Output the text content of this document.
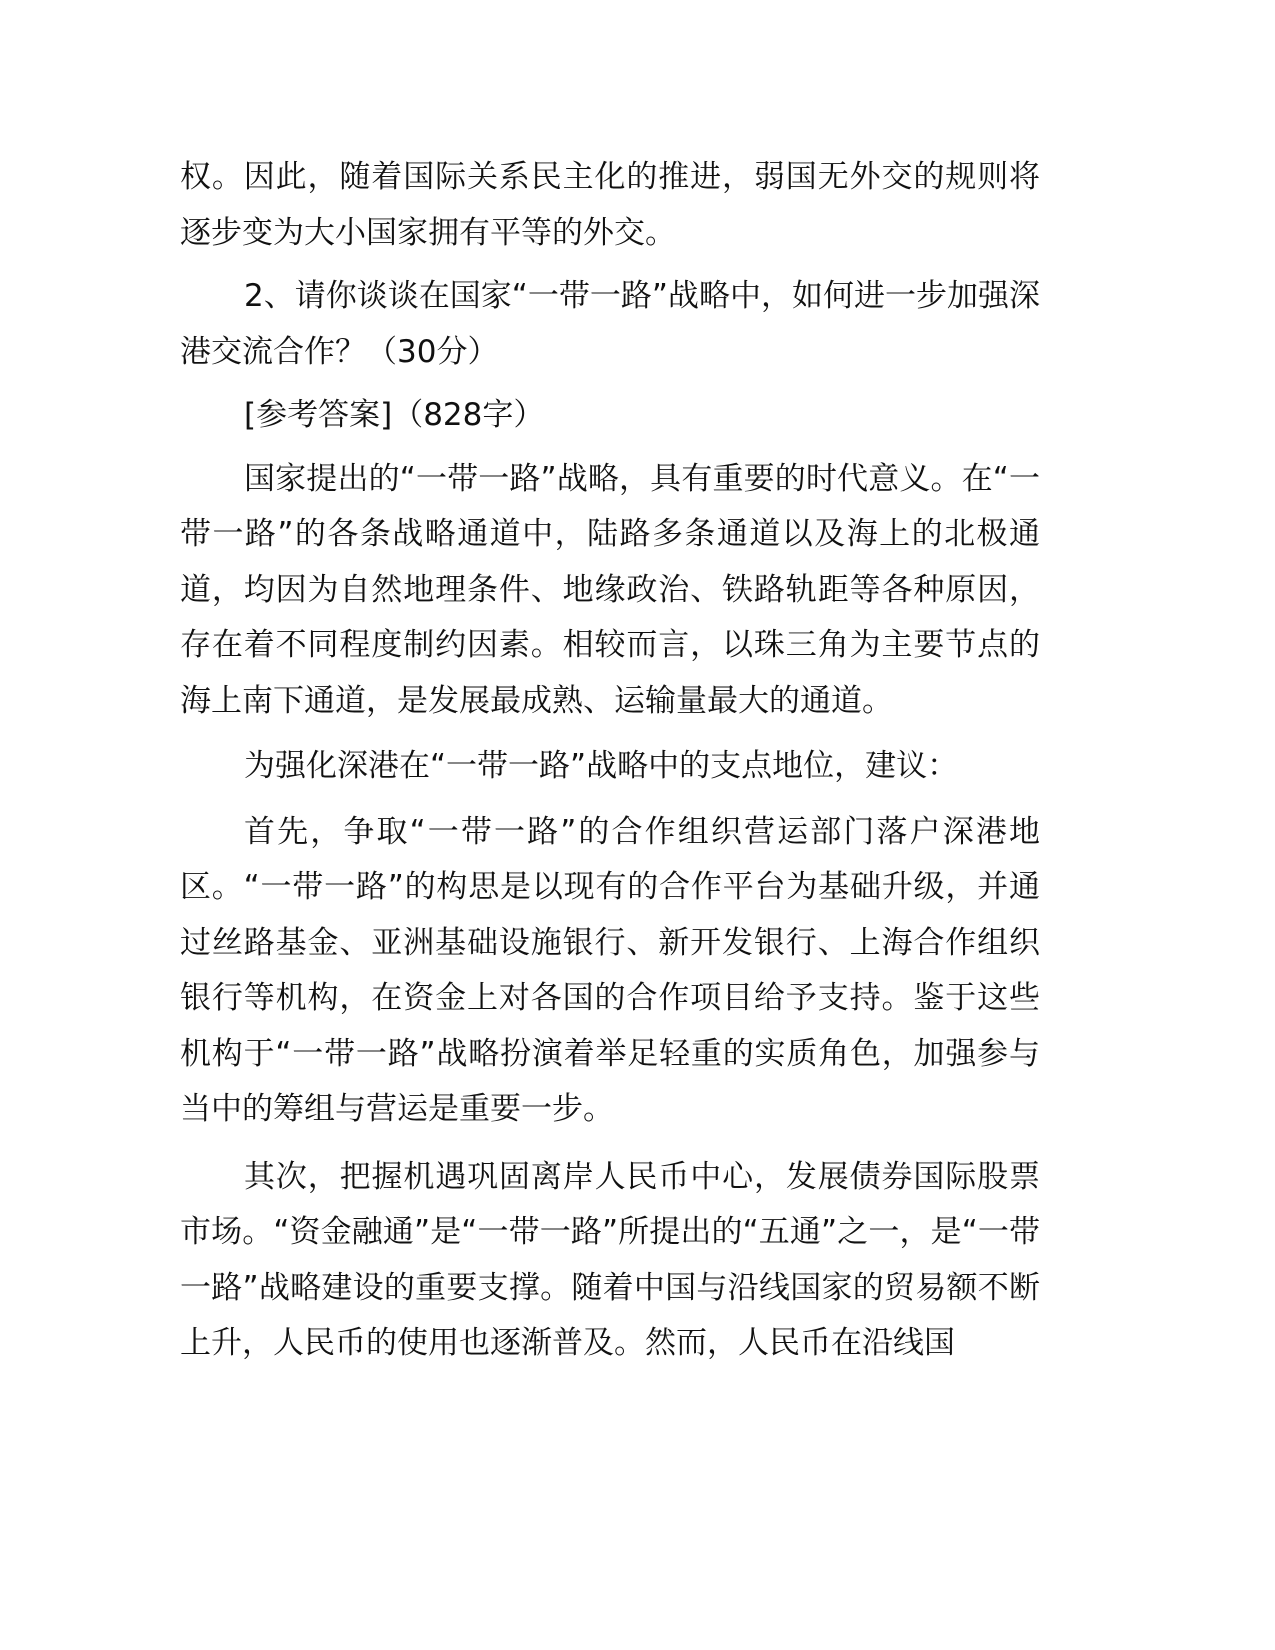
权。因此，随着国际关系民主化的推进，弱国无外交的规则将逐步变为大小国家拥有平等的外交。

2、请你谈谈在国家“一带一路”战略中，如何进一步加强深港交流合作？（30分）

[参考答案]（828字）

国家提出的“一带一路”战略，具有重要的时代意义。在“一带一路”的各条战略通道中，陆路多条通道以及海上的北极通道，均因为自然地理条件、地缘政治、铁路轨距等各种原因，存在着不同程度制约因素。相较而言，以珠三角为主要节点的海上南下通道，是发展最成熟、运输量最大的通道。

为强化深港在“一带一路”战略中的支点地位，建议：

首先，争取“一带一路”的合作组织营运部门落户深港地区。“一带一路”的构思是以现有的合作平台为基础升级，并通过丝路基金、亚洲基础设施银行、新开发银行、上海合作组织银行等机构，在资金上对各国的合作项目给予支持。鉴于这些机构于“一带一路”战略扮演着举足轻重的实质角色，加强参与当中的筹组与营运是重要一步。

其次，把握机遇巩固离岸人民币中心，发展债券国际股票市场。“资金融通”是“一带一路”所提出的“五通”之一，是“一带一路”战略建设的重要支撑。随着中国与沿线国家的贸易额不断上升，人民币的使用也逐渐普及。然而，人民币在沿线国
